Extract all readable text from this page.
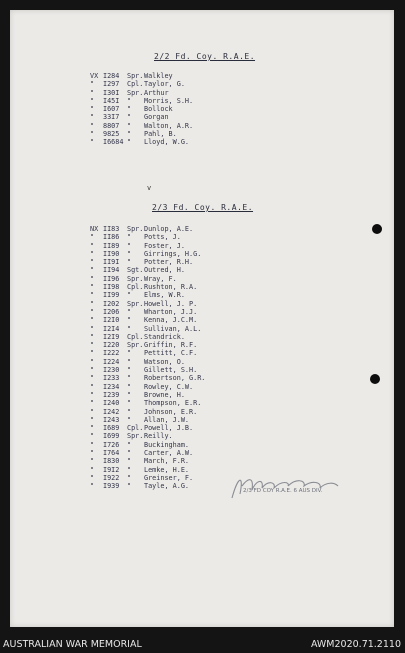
2/2 Fd. Coy. R.A.E.
VX I284	Spr. Walkley
"	I297	Cpl. Taylor, G.
"	I30I	Spr. Arthur
"	I45I	"	Morris, S.H.
"	I607	"	Bollock
"	33I7	"	Gorgan
"	8807	"	Walton, A.R.
"	9825	"	Pahl, B.
"	I6684 "	Lloyd, W.G.
v
2/3 Fd. Coy. R.A.E.
NX II83	Spr. Dunlop, A.E.
"	II86	"	Potts, J.
"	II89	"	Foster, J.
"	II90	"	Girrings, H.G.
"	II9I	"	Potter, R.H.
"	II94	Sgt. Outred, H.
"	II96	Spr. Wray, F.
"	II98	Cpl. Rushton, R.A.
"	II99	"	Elms, W.R.
"	I202	Spr. Howell, J. P.
"	I206	"	Wharton, J.J.
"	I2I0	"	Kenna, J.C.M.
"	I2I4	"	Sullivan, A.L.
"	I2I9	Cpl. Standrick.
"	I220	Spr. Griffin, R.F.
"	I222	"	Pettitt, C.F.
"	I224	"	Watson, O.
"	I230	"	Gillett, S.H.
"	I233	"	Robertson, G.R.
"	I234	"	Rowley, C.W.
"	I239	"	Browne, H.
"	I240	"	Thompson, E.R.
"	I242	"	Johnson, E.R.
"	I243	"	Allan, J.W.
"	I689	Cpl. Powell, J.B.
"	I699	Spr. Reilly.
"	I726	"	Buckingham.
"	I764	"	Carter, A.W.
"	I830	"	March, F.R.
"	I9I2	"	Lemke, H.E.
"	I922	"	Greinser, F.
"	I939	"	Tayle, A.G.
2/3 FD COY R.A.E. 6 AUS DIV.
AUSTRALIAN WAR MEMORIAL	AWM2020.71.2110
